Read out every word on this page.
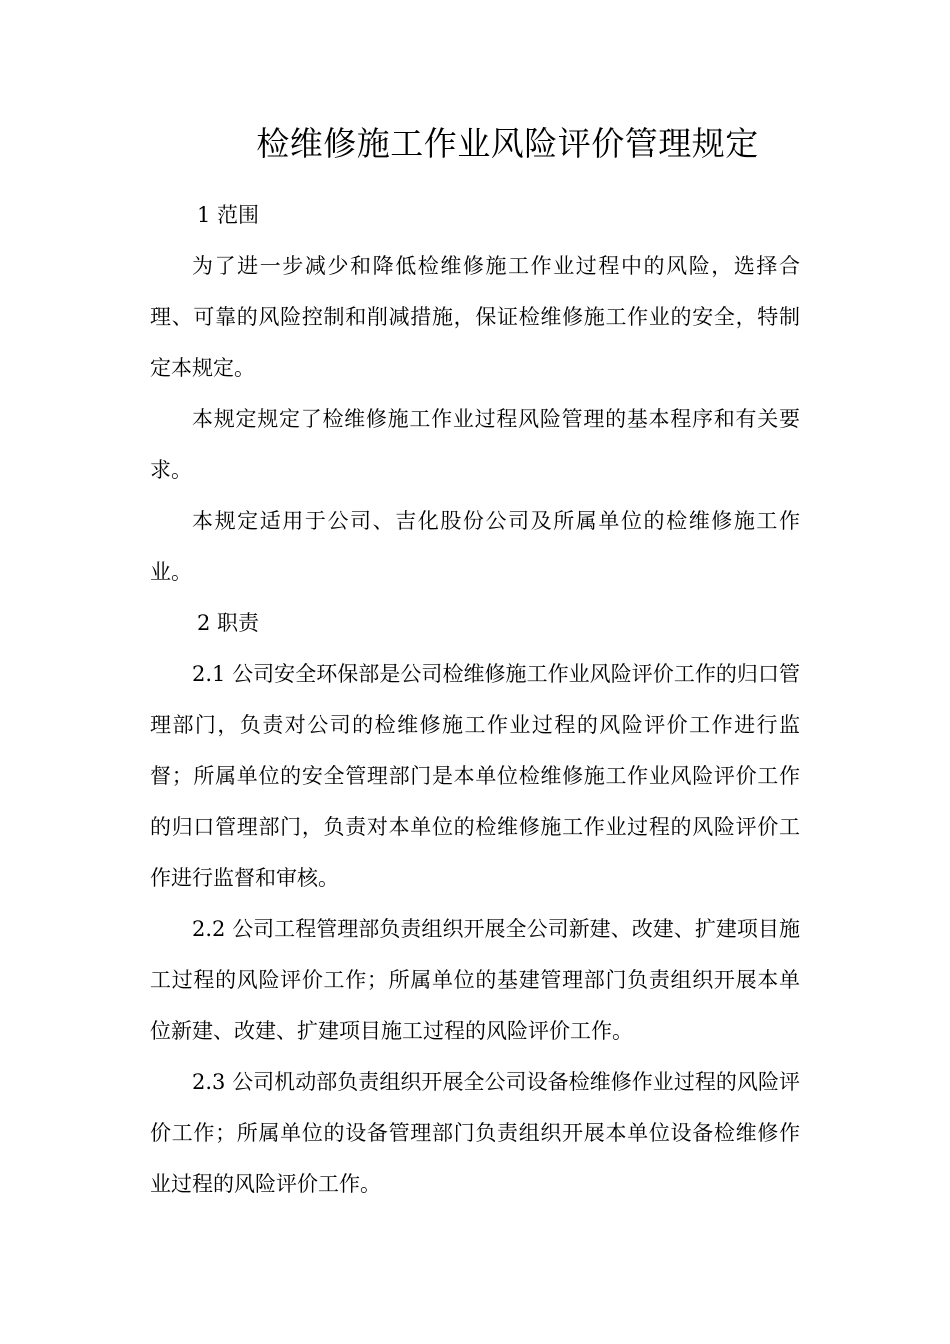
检维修施工作业风险评价管理规定
1 范围

为了进一步减少和降低检维修施工作业过程中的风险，选择合理、可靠的风险控制和削减措施，保证检维修施工作业的安全，特制定本规定。

本规定规定了检维修施工作业过程风险管理的基本程序和有关要求。

本规定适用于公司、吉化股份公司及所属单位的检维修施工作业。

2 职责

2.1 公司安全环保部是公司检维修施工作业风险评价工作的归口管理部门，负责对公司的检维修施工作业过程的风险评价工作进行监督；所属单位的安全管理部门是本单位检维修施工作业风险评价工作的归口管理部门，负责对本单位的检维修施工作业过程的风险评价工作进行监督和审核。

2.2 公司工程管理部负责组织开展全公司新建、改建、扩建项目施工过程的风险评价工作；所属单位的基建管理部门负责组织开展本单位新建、改建、扩建项目施工过程的风险评价工作。

2.3 公司机动部负责组织开展全公司设备检维修作业过程的风险评价工作；所属单位的设备管理部门负责组织开展本单位设备检维修作业过程的风险评价工作。
